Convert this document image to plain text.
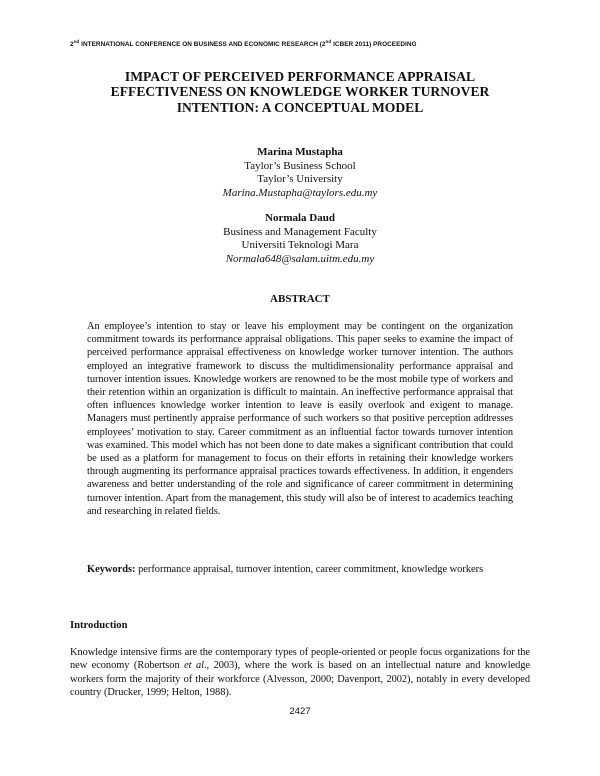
2nd INTERNATIONAL CONFERENCE ON BUSINESS AND ECONOMIC RESEARCH (2nd ICBER 2011) PROCEEDING
IMPACT OF PERCEIVED PERFORMANCE APPRAISAL
EFFECTIVENESS ON KNOWLEDGE WORKER TURNOVER
INTENTION: A CONCEPTUAL MODEL
Marina Mustapha
Taylor’s Business School
Taylor’s University
Marina.Mustapha@taylors.edu.my
Normala Daud
Business and Management Faculty
Universiti Teknologi Mara
Normala648@salam.uitm.edu.my
ABSTRACT
An employee’s intention to stay or leave his employment may be contingent on the organization commitment towards its performance appraisal obligations. This paper seeks to examine the impact of perceived performance appraisal effectiveness on knowledge worker turnover intention. The authors employed an integrative framework to discuss the multidimensionality performance appraisal and turnover intention issues. Knowledge workers are renowned to be the most mobile type of workers and their retention within an organization is difficult to maintain. An ineffective performance appraisal that often influences knowledge worker intention to leave is easily overlook and exigent to manage. Managers must pertinently appraise performance of such workers so that positive perception addresses employees’ motivation to stay. Career commitment as an influential factor towards turnover intention was examined. This model which has not been done to date makes a significant contribution that could be used as a platform for management to focus on their efforts in retaining their knowledge workers through augmenting its performance appraisal practices towards effectiveness. In addition, it engenders awareness and better understanding of the role and significance of career commitment in determining turnover intention. Apart from the management, this study will also be of interest to academics teaching and researching in related fields.
Keywords: performance appraisal, turnover intention, career commitment, knowledge workers
Introduction
Knowledge intensive firms are the contemporary types of people-oriented or people focus organizations for the new economy (Robertson et al., 2003), where the work is based on an intellectual nature and knowledge workers form the majority of their workforce (Alvesson, 2000; Davenport, 2002), notably in every developed country (Drucker, 1999; Helton, 1988).
2427
